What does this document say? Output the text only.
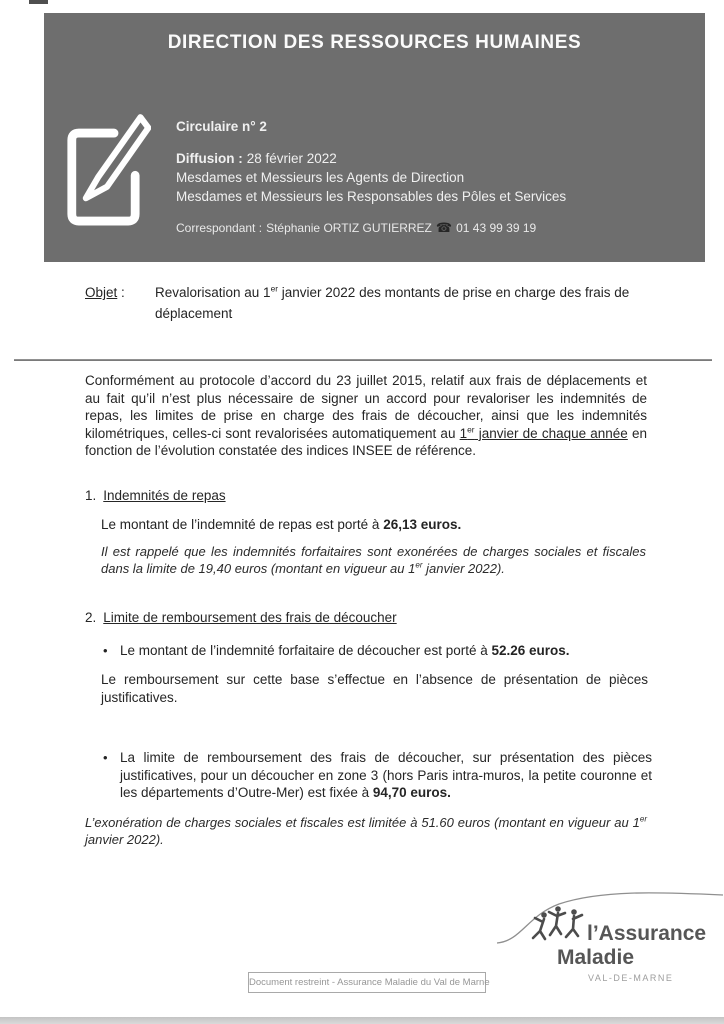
DIRECTION DES RESSOURCES HUMAINES
Circulaire n° 2
Diffusion : 28 février 2022
Mesdames et Messieurs les Agents de Direction
Mesdames et Messieurs les Responsables des Pôles et Services
Correspondant : Stéphanie ORTIZ GUTIERREZ ☎ 01 43 99 39 19
Objet :	Revalorisation au 1er janvier 2022 des montants de prise en charge des frais de déplacement

Conformément au protocole d’accord du 23 juillet 2015, relatif aux frais de déplacements et au fait qu’il n’est plus nécessaire de signer un accord pour revaloriser les indemnités de repas, les limites de prise en charge des frais de découcher, ainsi que les indemnités kilométriques, celles-ci sont revalorisées automatiquement au 1er janvier de chaque année en fonction de l’évolution constatée des indices INSEE de référence.

1. Indemnités de repas
Le montant de l’indemnité de repas est porté à 26,13 euros.

Il est rappelé que les indemnités forfaitaires sont exonérées de charges sociales et fiscales dans la limite de 19,40 euros (montant en vigueur au 1er janvier 2022).

2. Limite de remboursement des frais de découcher
• Le montant de l’indemnité forfaitaire de découcher est porté à 52.26 euros.

Le remboursement sur cette base s’effectue en l’absence de présentation de pièces justificatives.

• La limite de remboursement des frais de découcher, sur présentation des pièces justificatives, pour un découcher en zone 3 (hors Paris intra-muros, la petite couronne et les départements d’Outre-Mer) est fixée à 94,70 euros.

L’exonération de charges sociales et fiscales est limitée à 51.60 euros (montant en vigueur au 1er janvier 2022).

l’Assurance
Maladie
VAL-DE-MARNE
Document restreint - Assurance Maladie du Val de Marne
